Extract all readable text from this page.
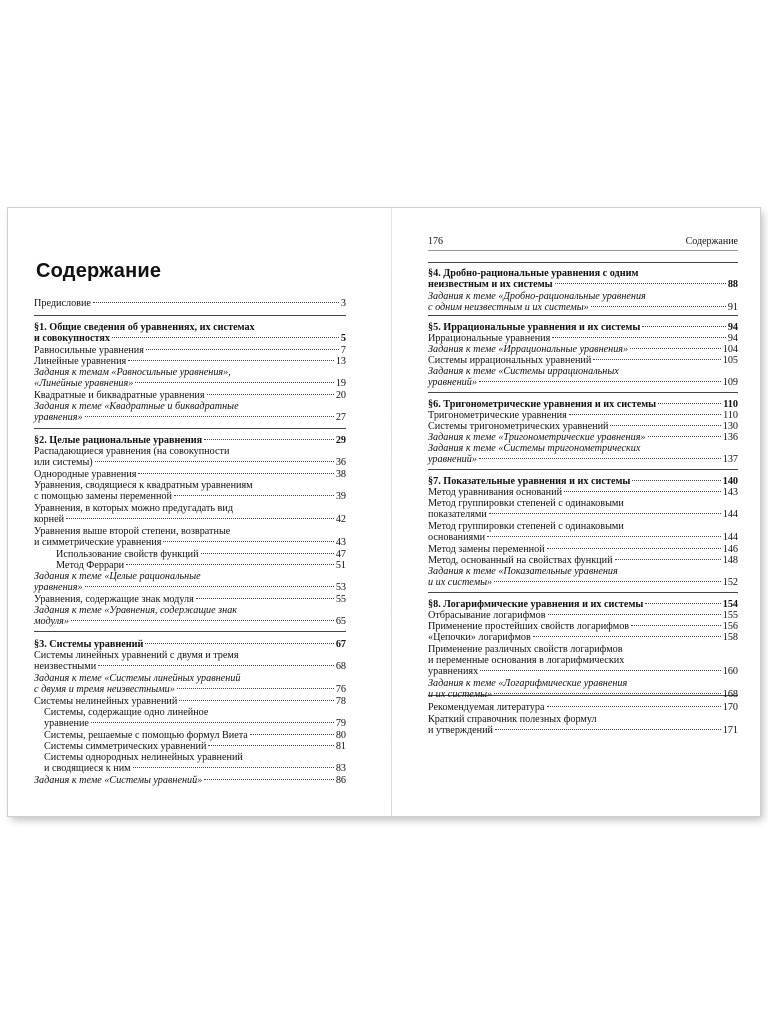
Содержание
Предисловие	3
§1. Общие сведения об уравнениях, их системах
и совокупностях	5
Равносильные уравнения	7
Линейные уравнения	13
Задания к темам «Равносильные уравнения»,
«Линейные уравнения»	19
Квадратные и биквадратные уравнения	20
Задания к теме «Квадратные и биквадратные
уравнения»	27
§2. Целые рациональные уравнения	29
Распадающиеся уравнения (на совокупности
или системы)	36
Однородные уравнения	38
Уравнения, сводящиеся к квадратным уравнениям
с помощью замены переменной	39
Уравнения, в которых можно предугадать вид
корней	42
Уравнения выше второй степени, возвратные
и симметрические уравнения	43
Использование свойств функций	47
Метод Феррари	51
Задания к теме «Целые рациональные
уравнения»	53
Уравнения, содержащие знак модуля	55
Задания к теме «Уравнения, содержащие знак
модуля»	65
§3. Системы уравнений	67
Системы линейных уравнений с двумя и тремя
неизвестными	68
Задания к теме «Системы линейных уравнений
с двумя и тремя неизвестными»	76
Системы нелинейных уравнений	78
Системы, содержащие одно линейное
уравнение	79
Системы, решаемые с помощью формул Виета	80
Системы симметрических уравнений	81
Системы однородных нелинейных уравнений
и сводящиеся к ним	83
Задания к теме «Системы уравнений»	86
176	Содержание
§4. Дробно-рациональные уравнения с одним
неизвестным и их системы	88
Задания к теме «Дробно-рациональные уравнения
с одним неизвестным и их системы»	91
§5. Иррациональные уравнения и их системы	94
Иррациональные уравнения	94
Задания к теме «Иррациональные уравнения»	104
Системы иррациональных уравнений	105
Задания к теме «Системы иррациональных
уравнений»	109
§6. Тригонометрические уравнения и их системы	110
Тригонометрические уравнения	110
Системы тригонометрических уравнений	130
Задания к теме «Тригонометрические уравнения»	136
Задания к теме «Системы тригонометрических
уравнений»	137
§7. Показательные уравнения и их системы	140
Метод уравнивания оснований	143
Метод группировки степеней с одинаковыми
показателями	144
Метод группировки степеней с одинаковыми
основаниями	144
Метод замены переменной	146
Метод, основанный на свойствах функций	148
Задания к теме «Показательные уравнения
и их системы»	152
§8. Логарифмические уравнения и их системы	154
Отбрасывание логарифмов	155
Применение простейших свойств логарифмов	156
«Цепочки» логарифмов	158
Применение различных свойств логарифмов
и переменные основания в логарифмических
уравнениях	160
Задания к теме «Логарифмические уравнения
и их системы»	168
Рекомендуемая литература	170
Краткий справочник полезных формул
и утверждений	171
